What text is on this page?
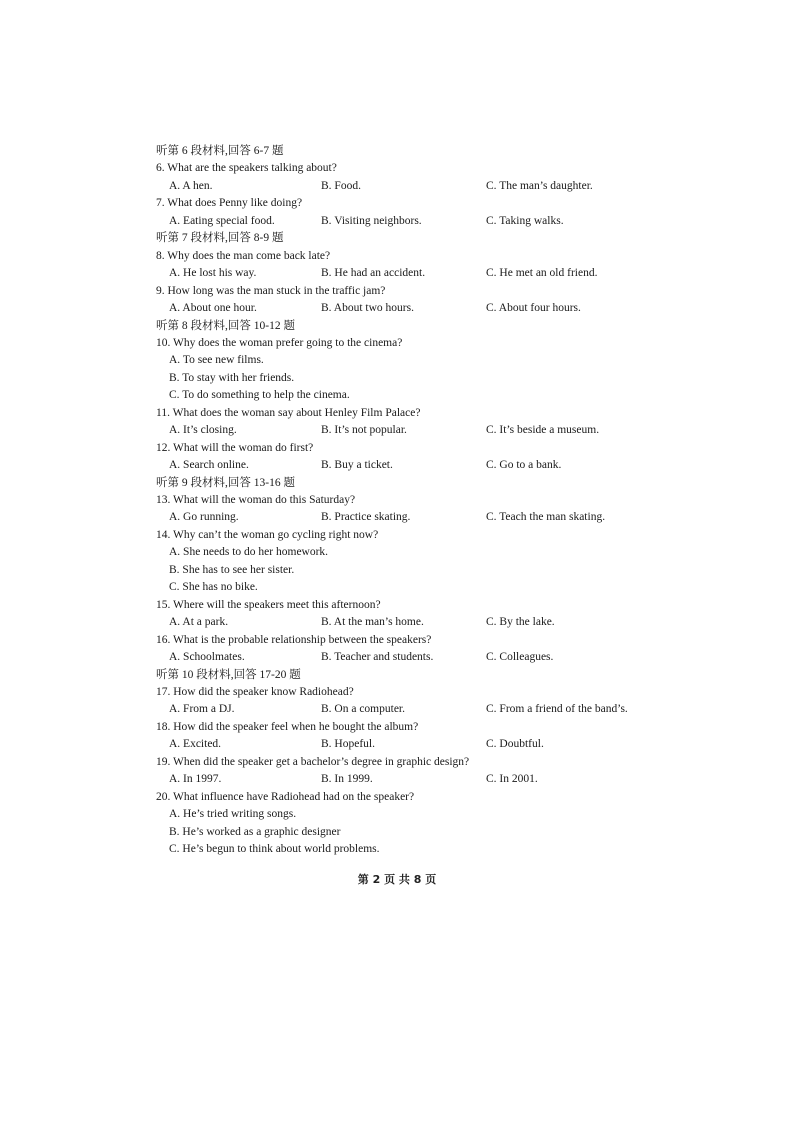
听第 6 段材料,回答 6-7 题
6. What are the speakers talking about?
A. A hen.	B. Food.	C. The man’s daughter.
7. What does Penny like doing?
A. Eating special food.	B. Visiting neighbors.	C. Taking walks.
听第 7 段材料,回答 8-9 题
8. Why does the man come back late?
A. He lost his way.	B. He had an accident.	C. He met an old friend.
9. How long was the man stuck in the traffic jam?
A. About one hour.	B. About two hours.	C. About four hours.
听第 8 段材料,回答 10-12 题
10. Why does the woman prefer going to the cinema?
A. To see new films.
B. To stay with her friends.
C. To do something to help the cinema.
11. What does the woman say about Henley Film Palace?
A. It’s closing.	B. It’s not popular.	C. It’s beside a museum.
12. What will the woman do first?
A. Search online.	B. Buy a ticket.	C. Go to a bank.
听第 9 段材料,回答 13-16 题
13. What will the woman do this Saturday?
A. Go running.	B. Practice skating.	C. Teach the man skating.
14. Why can’t the woman go cycling right now?
A. She needs to do her homework.
B. She has to see her sister.
C. She has no bike.
15. Where will the speakers meet this afternoon?
A. At a park.	B. At the man’s home.	C. By the lake.
16. What is the probable relationship between the speakers?
A. Schoolmates.	B. Teacher and students.	C. Colleagues.
听第 10 段材料,回答 17-20 题
17. How did the speaker know Radiohead?
A. From a DJ.	B. On a computer.	C. From a friend of the band’s.
18. How did the speaker feel when he bought the album?
A. Excited.	B. Hopeful.	C. Doubtful.
19. When did the speaker get a bachelor’s degree in graphic design?
A. In 1997.	B. In 1999.	C. In 2001.
20. What influence have Radiohead had on the speaker?
A. He’s tried writing songs.
B. He’s worked as a graphic designer
C. He’s begun to think about world problems.
第 2 页 共 8 页
